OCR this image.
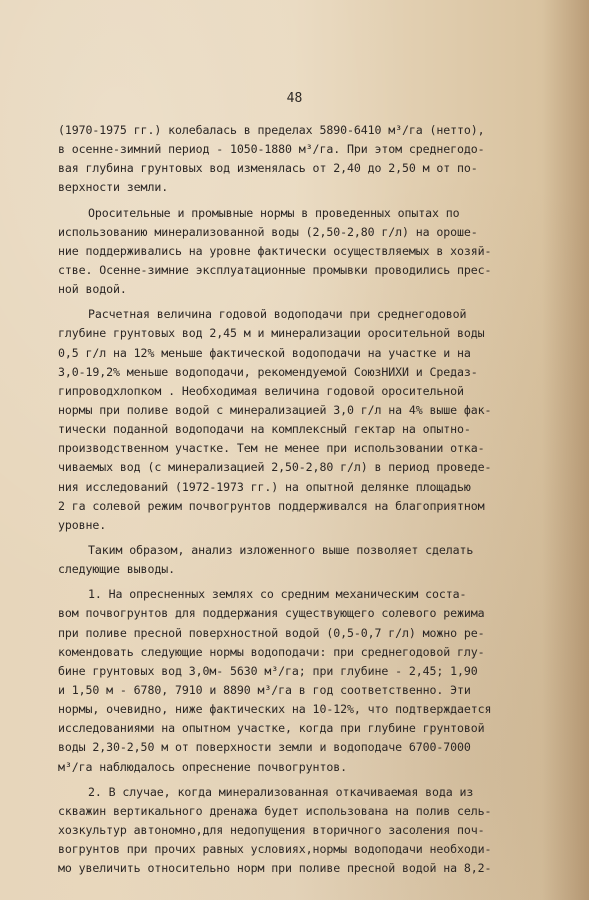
48
(1970-1975 гг.) колебалась в пределах 5890-6410 м³/га (нетто),
в осенне-зимний период - 1050-1880 м³/га. При этом среднегодо-
вая глубина грунтовых вод изменялась от 2,40 до 2,50 м от по-
верхности земли.
Оросительные и промывные нормы в проведенных опытах по
использованию минерализованной воды (2,50-2,80 г/л) на ороше-
ние поддерживались на уровне фактически осуществляемых в хозяй-
стве. Осенне-зимние эксплуатационные промывки проводились прес-
ной водой.
Расчетная величина годовой водоподачи при среднегодовой
глубине грунтовых вод 2,45 м и минерализации оросительной воды
0,5 г/л на 12% меньше фактической водоподачи на участке и на
3,0-19,2% меньше водоподачи, рекомендуемой СоюзНИХИ и Средаз-
гипроводхлопком . Необходимая величина годовой оросительной
нормы при поливе водой с минерализацией 3,0 г/л на 4% выше фак-
тически поданной водоподачи на комплексный гектар на опытно-
производственном участке. Тем не менее при использовании отка-
чиваемых вод (с минерализацией 2,50-2,80 г/л) в период проведе-
ния исследований (1972-1973 гг.) на опытной делянке площадью
2 га солевой режим почвогрунтов поддерживался на благоприятном
уровне.
Таким образом, анализ изложенного выше позволяет сделать
следующие выводы.
1. На опресненных землях со средним механическим соста-
вом почвогрунтов для поддержания существующего солевого режима
при поливе пресной поверхностной водой (0,5-0,7 г/л) можно ре-
комендовать следующие нормы водоподачи: при среднегодовой глу-
бине грунтовых вод 3,0м- 5630 м³/га; при глубине - 2,45; 1,90
и 1,50 м - 6780, 7910 и 8890 м³/га в год соответственно. Эти
нормы, очевидно, ниже фактических на 10-12%, что подтверждается
исследованиями на опытном участке, когда при глубине грунтовой
воды 2,30-2,50 м от поверхности земли и водоподаче 6700-7000
м³/га наблюдалось опреснение почвогрунтов.
2. В случае, когда минерализованная откачиваемая вода из
скважин вертикального дренажа будет использована на полив сель-
хозкультур автономно,для недопущения вторичного засоления поч-
вогрунтов при прочих равных условиях,нормы водоподачи необходи-
мо увеличить относительно норм при поливе пресной водой на 8,2-
